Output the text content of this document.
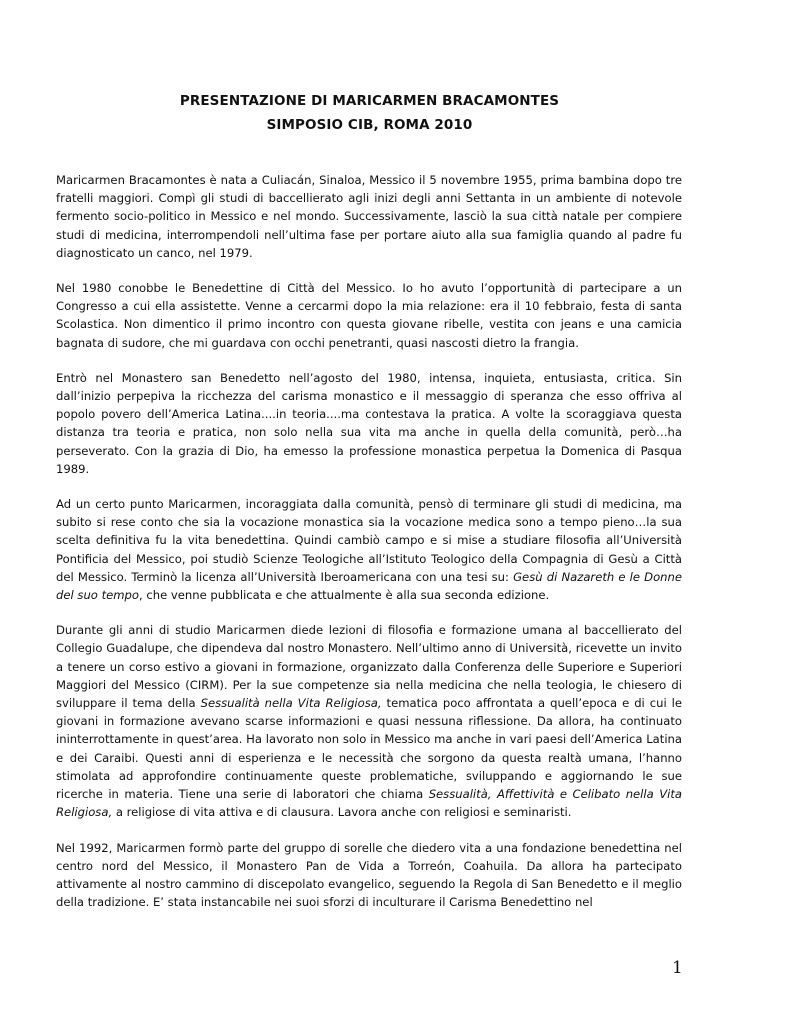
PRESENTAZIONE DI MARICARMEN BRACAMONTES
SIMPOSIO CIB, ROMA 2010

Maricarmen Bracamontes è nata a Culiacán, Sinaloa, Messico il 5 novembre 1955, prima bambina dopo tre fratelli maggiori. Compì gli studi di baccellierato agli inizi degli anni Settanta in un ambiente di notevole fermento socio-politico in Messico e nel mondo. Successivamente, lasciò la sua città natale per compiere studi di medicina, interrompendoli nell’ultima fase per portare aiuto alla sua famiglia quando al padre fu diagnosticato un canco, nel 1979.

Nel 1980 conobbe le Benedettine di Città del Messico. Io ho avuto l’opportunità di partecipare a un Congresso a cui ella assistette. Venne a cercarmi dopo la mia relazione: era il 10 febbraio, festa di santa Scolastica. Non dimentico il primo incontro con questa giovane ribelle, vestita con jeans e una camicia bagnata di sudore, che mi guardava con occhi penetranti, quasi nascosti dietro la frangia.

Entrò nel Monastero san Benedetto nell’agosto del 1980, intensa, inquieta, entusiasta, critica. Sin dall’inizio perpepiva la ricchezza del carisma monastico e il messaggio di speranza che esso offriva al popolo povero dell’America Latina....in teoria....ma contestava la pratica. A volte la scoraggiava questa distanza tra teoria e pratica, non solo nella sua vita ma anche in quella della comunità, però…ha perseverato. Con la grazia di Dio, ha emesso la professione monastica perpetua la Domenica di Pasqua 1989.

Ad un certo punto Maricarmen, incoraggiata dalla comunità, pensò di terminare gli studi di medicina, ma subito si rese conto che sia la vocazione monastica sia la vocazione medica sono a tempo pieno…la sua scelta definitiva fu la vita benedettina. Quindi cambiò campo e si mise a studiare filosofia all’Università Pontificia del Messico, poi studiò Scienze Teologiche all’Istituto Teologico della Compagnia di Gesù a Città del Messico. Terminò la licenza all’Università Iberoamericana con una tesi su: Gesù di Nazareth e le Donne del suo tempo, che venne pubblicata e che attualmente è alla sua seconda edizione.

Durante gli anni di studio Maricarmen diede lezioni di filosofia e formazione umana al baccellierato del Collegio Guadalupe, che dipendeva dal nostro Monastero. Nell’ultimo anno di Università, ricevette un invito a tenere un corso estivo a giovani in formazione, organizzato dalla Conferenza delle Superiore e Superiori Maggiori del Messico (CIRM). Per la sue competenze sia nella medicina che nella teologia, le chiesero di sviluppare il tema della Sessualità nella Vita Religiosa, tematica poco affrontata a quell’epoca e di cui le giovani in formazione avevano scarse informazioni e quasi nessuna riflessione. Da allora, ha continuato ininterrottamente in quest’area. Ha lavorato non solo in Messico ma anche in vari paesi dell’America Latina e dei Caraibi. Questi anni di esperienza e le necessità che sorgono da questa realtà umana, l’hanno stimolata ad approfondire continuamente queste problematiche, sviluppando e aggiornando le sue ricerche in materia. Tiene una serie di laboratori che chiama Sessualità, Affettività e Celibato nella Vita Religiosa, a religiose di vita attiva e di clausura. Lavora anche con religiosi e seminaristi.

Nel 1992, Maricarmen formò parte del gruppo di sorelle che diedero vita a una fondazione benedettina nel centro nord del Messico, il Monastero Pan de Vida a Torreón, Coahuila. Da allora ha partecipato attivamente al nostro cammino di discepolato evangelico, seguendo la Regola di San Benedetto e il meglio della tradizione. E’ stata instancabile nei suoi sforzi di inculturare il Carisma Benedettino nel

1
